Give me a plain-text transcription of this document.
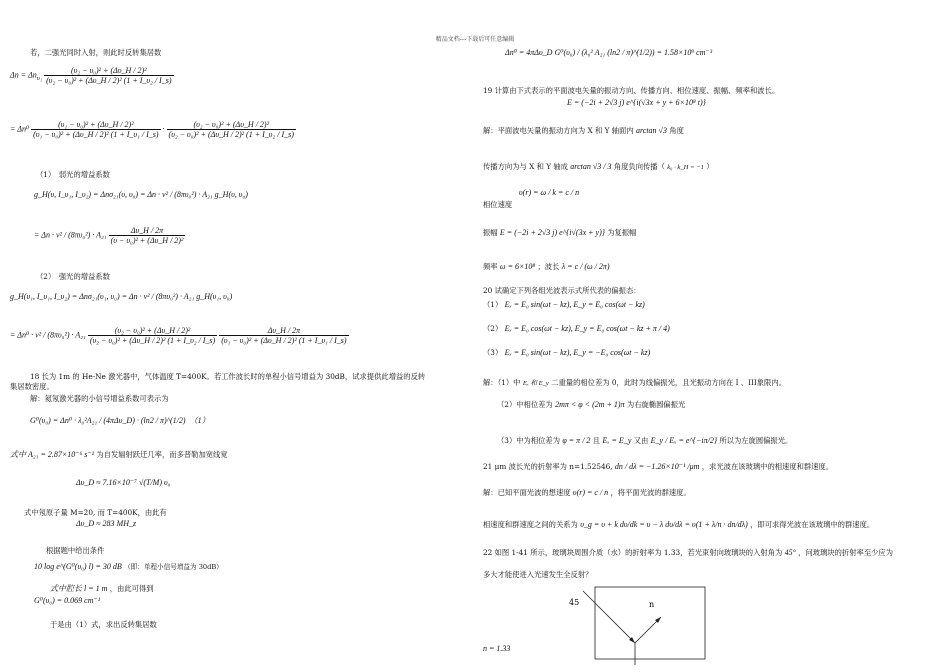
精品文档---下载后可任意编辑
若，二强光同时入射，则此时反转集居数
$\Delta n = \Delta n_{\upsilon_1} \frac{\text{(υ₂ − υ₀)² + (Δυ\_H / 2)²}}{\text{(υ₂ − υ₀)² + (Δυ\_H / 2)² (1 + I\_υ₂ / I\_s)}}$
= $\Delta n^0 \frac{\text{(υ₁ − υ₀)² + (Δυ\_H / 2)²}}{\text{(υ₁ − υ₀)² + (Δυ\_H / 2)² (1 + I\_υ₁ / I\_s)}} \cdot \frac{\text{(υ₂ − υ₀)² + (Δυ\_H / 2)²}}{\text{(υ₂ − υ₀)² + (Δυ\_H / 2)² (1 + I\_υ₂ / I\_s)}}$
（1）　弱光的增益系数
g_H(υ, I_υ₁, I_υ₂) = Δnσ₂₁(υ, υ₀) = Δn · v² / (8πυ₀²) · A₂₁ g_H(υ, υ₀)
= $\Delta n \cdot v^2 / (8\pi\upsilon_0^2) \cdot A_{21} \frac{\Delta\upsilon\_H / 2\pi}{\text{(υ − υ₀)² + (Δυ\_H / 2)²}}$
（2）　强光的增益系数
g_H(υ₁, I_υ₁, I_υ₂) = Δnσ₂₁(υ₁, υ₀) = Δn · v² / (8πυ₀²) · A₂₁ g_H(υ₁, υ₀)
= $\Delta n^0 \cdot v^2 / (8\pi\upsilon_0^2) \cdot A_{21} \frac{\text{(υ₂ − υ₀)² + (Δυ\_H / 2)²}}{\text{(υ₂ − υ₀)² + (Δυ\_H / 2)² (1 + I\_υ₂ / I\_s)}}$
$\frac{\Delta\upsilon\_H / 2\pi}{\text{(υ₁ − υ₀)² + (Δυ\_H / 2)² (1 + I\_υ₁ / I\_s)}}$
18 长为 1m 的 He-Ne 激光器中，气体温度 T=400K。若工作波长时的单程小信号增益为 30dB，试求提供此增益的反转
集居数密度。
解：氦氖激光器的小信号增益系数可表示为
G⁰(υ₀) = Δn⁰ · λ₀²A₂₁ / (4πΔυ_D) · (ln2 / π)^(1/2)　（1）
式中 A₂₁ = 2.87×10⁻⁶ s⁻¹ 为自发辐射跃迁几率，而多普勒加宽线宽
Δυ_D ≈ 7.16×10⁻⁷ √(T/M) υ₀
式中氖原子量 M=20, 而 T=400K，由此有
Δυ_D ≈ 283 MH_z
根据题中给出条件
10 log e^(G⁰(υ₀) l) = 30 dB （即：单程小信号增益为 30dB）
式中腔长 l = 1 m ，由此可得到
G⁰(υ₀) = 0.069 cm⁻¹
于是由（1）式，求出反转集居数
Δn⁰ = 4πΔυ_D G⁰(υ₀) / (λ₀² A₂₁ (ln2 / π)^(1/2)) = 1.58×10⁹ cm⁻³
19 计算由下式表示的平面波电矢量的振动方向、传播方向、相位速度、振幅、频率和波长。
E = (−2i + 2√3 j) e^{i(√3x + y + 6×10⁸ t)}
解：平面波电矢量的振动方向为 X 和 Y 轴面内 arctan √3 角度
传播方向为与 X 和 Y 轴成 arctan √3 / 3 角度负向传播（ k₀ · k_H = −1 ）
υ(r) = ω / k = c / n
相位速度
振幅 E = (−2i + 2√3 j) e^{i√(3x + y)} 为复振幅
频率 ω = 6×10⁸ ；波长 λ = c / (ω / 2π)
20 试确定下列各组光波表示式所代表的偏振态：
（1） Eₓ = E₀ sin(ωt − kz), E_y = E₀ cos(ωt − kz)
（2） Eₓ = E₀ cos(ωt − kz), E_y = E₀ cos(ωt − kz + π / 4)
（3） Eₓ = E₀ sin(ωt − kz), E_y = −E₀ cos(ωt − kz)
解：（1）中 Eₓ 和 E_y 二重量的相位差为 0，此时为线偏振光，且光振动方向在 I 、III象限内。
（2）中相位差为 2mπ < φ < (2m + 1)π 为右旋椭圆偏振光
（3）中为相位差为 φ = π / 2 且 Eₓ = E_y 又由 E_y / Eₓ = e^{−iπ/2} 所以为左旋圆偏振光。
21 μm 波长光的折射率为 n=1.52546, dn / dλ = −1.26×10⁻¹ /μm ，求光波在该玻璃中的相速度和群速度。
解：已知平面光波的想速度 υ(r) = c / n ，将平面光波的群速度。
相速度和群速度之间的关系为 υ_g = υ + k dυ/dk = υ − λ dυ/dλ = υ(1 + λ/n · dn/dλ) ，即可求得光波在该玻璃中的群速度。
22 如图 1-41 所示，玻璃块周围介质（水）的折射率为 1.33，若光束射向玻璃块的入射角为 45° ，问玻璃块的折射率至少应为
多大才能使进入光速发生全反射？
n = 1.33
45	n
